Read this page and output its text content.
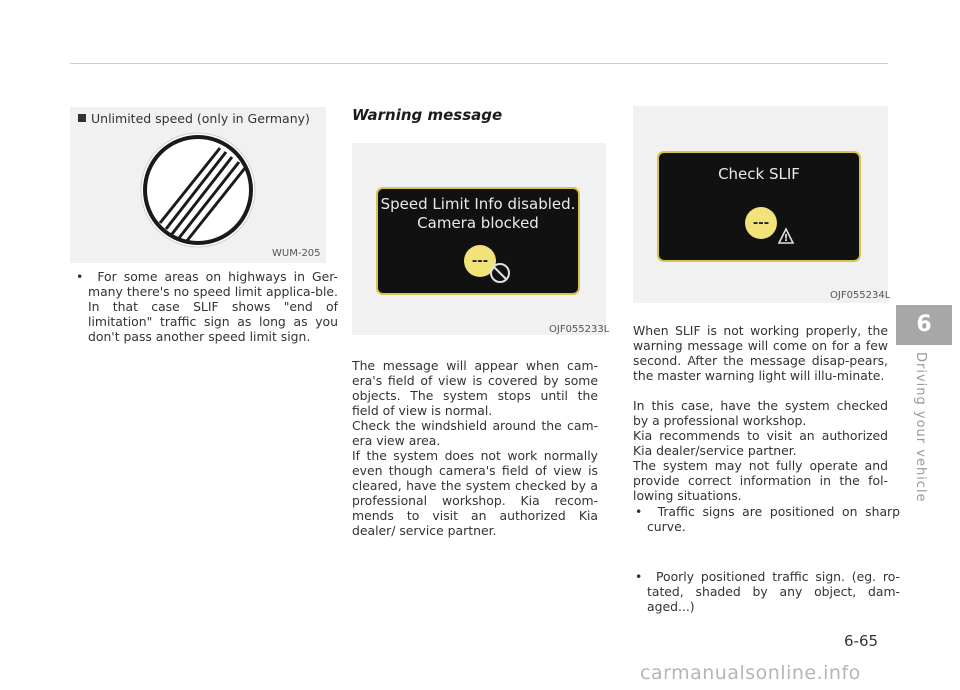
Unlimited speed (only in Germany)
WUM-205
•  For some areas on highways in Ger-many there's no speed limit applica-ble. In that case SLIF shows "end of limitation" traffic sign as long as you don't pass another speed limit sign.
Warning message
Speed Limit Info disabled.
Camera blocked
---
OJF055233L
The message will appear when cam-era's field of view is covered by some objects. The system stops until the field of view is normal.
Check the windshield around the cam-era view area.
If the system does not work normally even though camera's field of view is cleared, have the system checked by a professional workshop. Kia recom-mends to visit an authorized Kia dealer/ service partner.
Check SLIF
---
!
OJF055234L
When SLIF is not working properly, the warning message will come on for a few second. After the message disap-pears, the master warning light will illu-minate.
In this case, have the system checked by a professional workshop.
Kia recommends to visit an authorized Kia dealer/service partner.
The system may not fully operate and provide correct information in the fol-lowing situations.
•  Traffic signs are positioned on sharp curve.
•  Poorly positioned traffic sign. (eg. ro-tated, shaded by any object, dam-aged...)
6
Driving your vehicle
6-65
carmanualsonline.info
